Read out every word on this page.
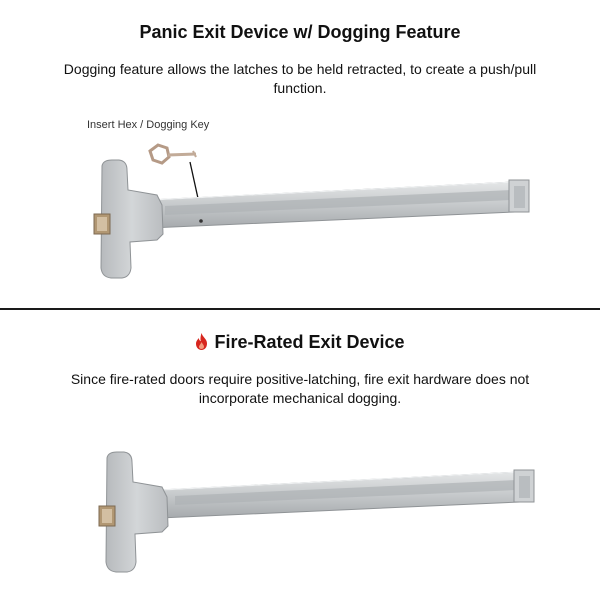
Panic Exit Device w/ Dogging Feature
Dogging feature allows the latches to be held retracted, to create a push/pull function.
Insert Hex / Dogging Key
Fire-Rated Exit Device
Since fire-rated doors require positive-latching, fire exit hardware does not
incorporate mechanical dogging.
